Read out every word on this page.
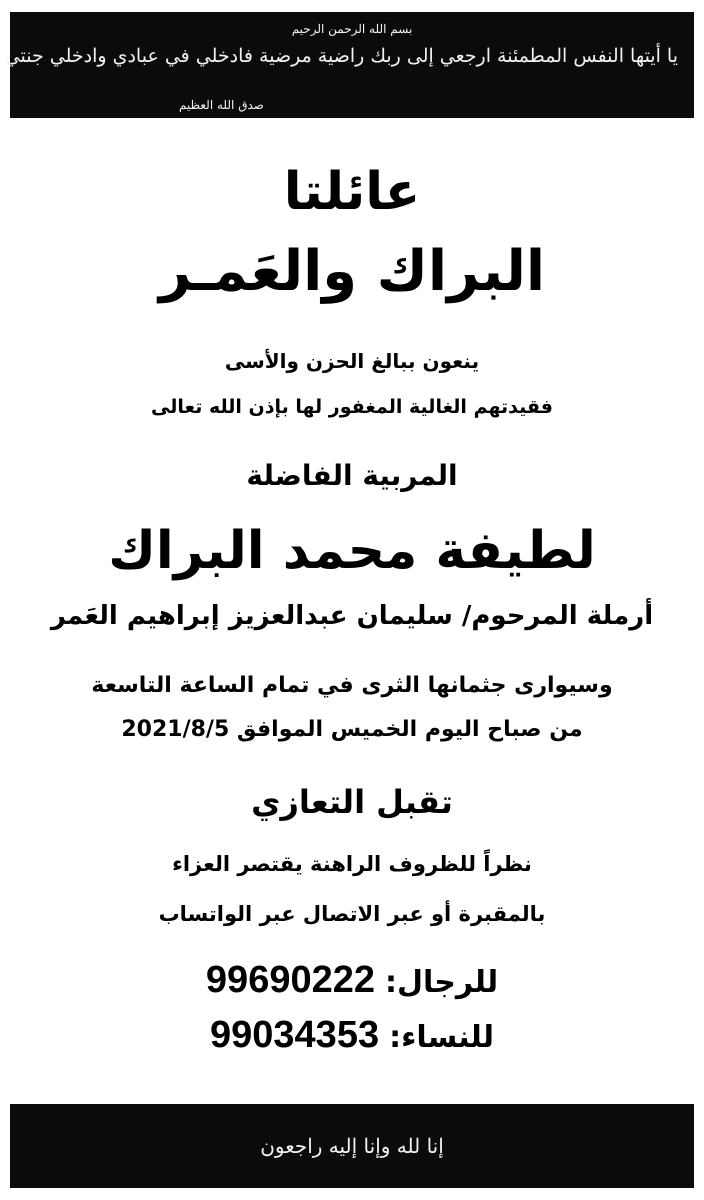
بسم الله الرحمن الرحيم
يا أيتها النفس المطمئنة ارجعي إلى ربك راضية مرضية فادخلي في عبادي وادخلي جنتي
صدق الله العظيم

عائلتا

البراك والعَمـر

ينعون ببالغ الحزن والأسى

فقيدتهم الغالية المغفور لها بإذن الله تعالى

المربية الفاضلة

لطيفة محمد البراك

أرملة المرحوم/ سليمان عبدالعزيز إبراهيم العَمر

وسيوارى جثمانها الثرى في تمام الساعة التاسعة

من صباح اليوم الخميس الموافق 2021/8/5

تقبل التعازي

نظراً للظروف الراهنة يقتصر العزاء

بالمقبرة أو عبر الاتصال عبر الواتساب

للرجال:
99690222
للنساء:
99034353
إنا لله وإنا إليه راجعون
